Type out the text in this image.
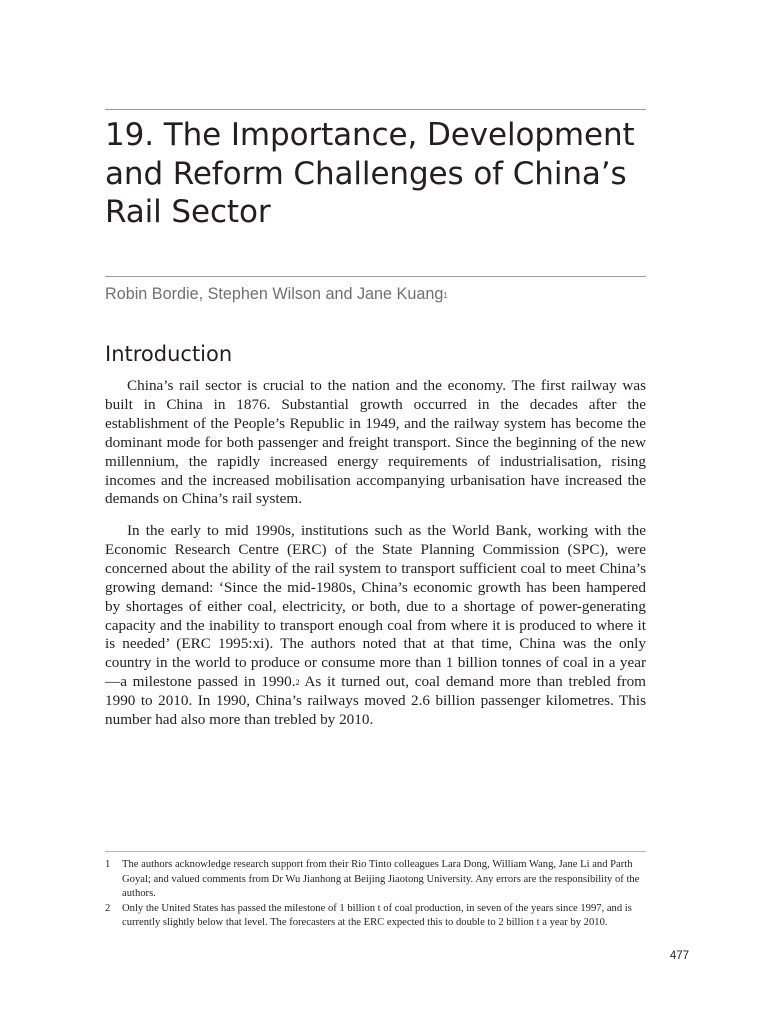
19. The Importance, Development and Reform Challenges of China’s Rail Sector

Robin Bordie, Stephen Wilson and Jane Kuang$^1$

Introduction

China’s rail sector is crucial to the nation and the economy. The first railway was built in China in 1876. Substantial growth occurred in the decades after the establishment of the People’s Republic in 1949, and the railway system has become the dominant mode for both passenger and freight transport. Since the beginning of the new millennium, the rapidly increased energy requirements of industrialisation, rising incomes and the increased mobilisation accompanying urbanisation have increased the demands on China’s rail system.

In the early to mid 1990s, institutions such as the World Bank, working with the Economic Research Centre (ERC) of the State Planning Commission (SPC), were concerned about the ability of the rail system to transport sufficient coal to meet China’s growing demand: ‘Since the mid-1980s, China’s economic growth has been hampered by shortages of either coal, electricity, or both, due to a shortage of power-generating capacity and the inability to transport enough coal from where it is produced to where it is needed’ (ERC 1995:xi). The authors noted that at that time, China was the only country in the world to produce or consume more than 1 billion tonnes of coal in a year—a milestone passed in 1990.$^2$ As it turned out, coal demand more than trebled from 1990 to 2010. In 1990, China’s railways moved 2.6 billion passenger kilometres. This number had also more than trebled by 2010.

1	The authors acknowledge research support from their Rio Tinto colleagues Lara Dong, William Wang, Jane Li and Parth Goyal; and valued comments from Dr Wu Jianhong at Beijing Jiaotong University. Any errors are the responsibility of the authors.
2	Only the United States has passed the milestone of 1 billion t of coal production, in seven of the years since 1997, and is currently slightly below that level. The forecasters at the ERC expected this to double to 2 billion t a year by 2010.
477
